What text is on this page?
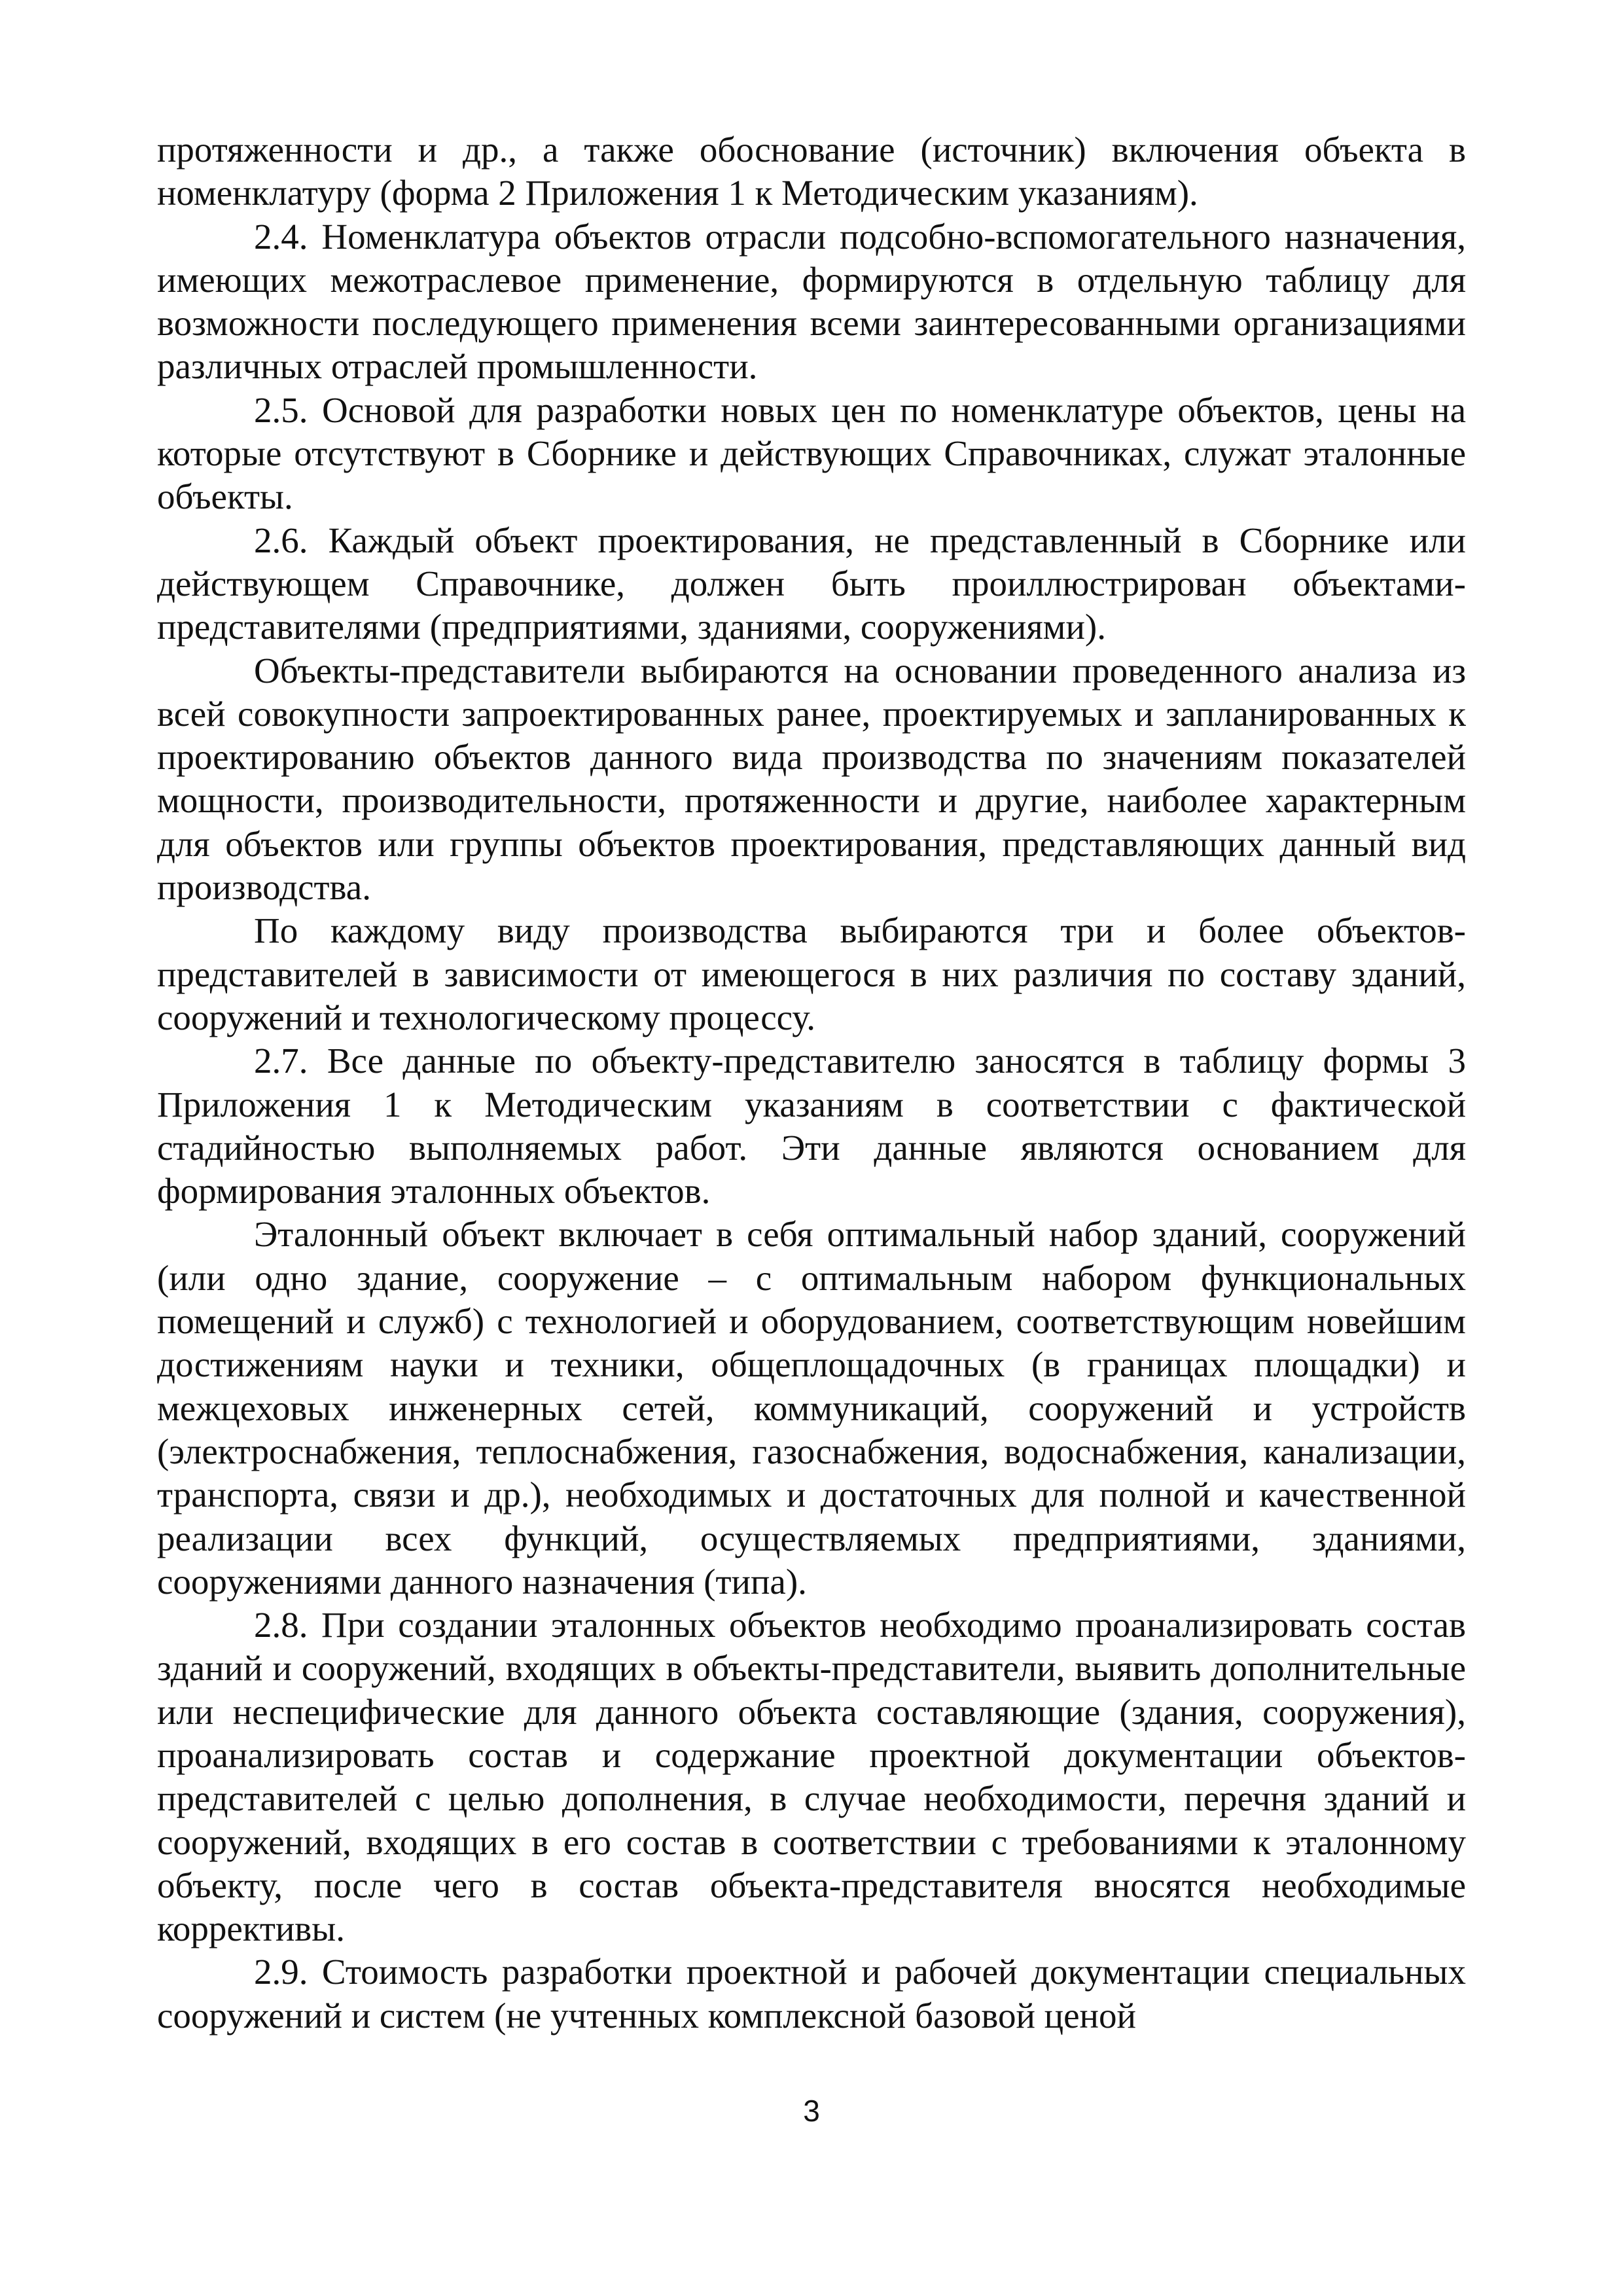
протяженности и др., а также обоснование (источник) включения объекта в номенклатуру (форма 2 Приложения 1 к Методическим указаниям).

2.4. Номенклатура объектов отрасли подсобно-вспомогательного назначения, имеющих межотраслевое применение, формируются в отдельную таблицу для возможности последующего применения всеми заинтересованными организациями различных отраслей промышленности.

2.5. Основой для разработки новых цен по номенклатуре объектов, цены на которые отсутствуют в Сборнике и действующих Справочниках, служат эталонные объекты.

2.6. Каждый объект проектирования, не представленный в Сборнике или действующем Справочнике, должен быть проиллюстрирован объектами-представителями (предприятиями, зданиями, сооружениями).

Объекты-представители выбираются на основании проведенного анализа из всей совокупности запроектированных ранее, проектируемых и запланированных к проектированию объектов данного вида производства по значениям показателей мощности, производительности, протяженности и другие, наиболее характерным для объектов или группы объектов проектирования, представляющих данный вид производства.

По каждому виду производства выбираются три и более объектов-представителей в зависимости от имеющегося в них различия по составу зданий, сооружений и технологическому процессу.

2.7. Все данные по объекту-представителю заносятся в таблицу формы 3 Приложения 1 к Методическим указаниям в соответствии с фактической стадийностью выполняемых работ. Эти данные являются основанием для формирования эталонных объектов.

Эталонный объект включает в себя оптимальный набор зданий, сооружений (или одно здание, сооружение – с оптимальным набором функциональных помещений и служб) с технологией и оборудованием, соответствующим новейшим достижениям науки и техники, общеплощадочных (в границах площадки) и межцеховых инженерных сетей, коммуникаций, сооружений и устройств (электроснабжения, теплоснабжения, газоснабжения, водоснабжения, канализации, транспорта, связи и др.), необходимых и достаточных для полной и качественной реализации всех функций, осуществляемых предприятиями, зданиями, сооружениями данного назначения (типа).

2.8. При создании эталонных объектов необходимо проанализировать состав зданий и сооружений, входящих в объекты-представители, выявить дополнительные или неспецифические для данного объекта составляющие (здания, сооружения), проанализировать состав и содержание проектной документации объектов-представителей с целью дополнения, в случае необходимости, перечня зданий и сооружений, входящих в его состав в соответствии с требованиями к эталонному объекту, после чего в состав объекта-представителя вносятся необходимые коррективы.

2.9. Стоимость разработки проектной и рабочей документации специальных сооружений и систем (не учтенных комплексной базовой ценой

3
